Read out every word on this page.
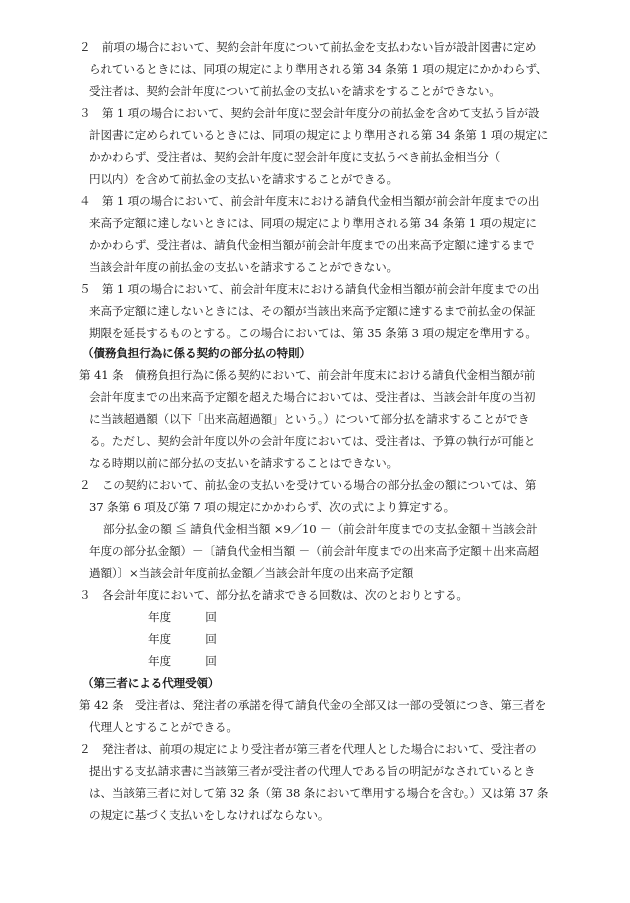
２　前項の場合において、契約会計年度について前払金を支払わない旨が設計図書に定め

られているときには、同項の規定により準用される第 34 条第 1 項の規定にかかわらず、

受注者は、契約会計年度について前払金の支払いを請求をすることができない。

３　第 1 項の場合において、契約会計年度に翌会計年度分の前払金を含めて支払う旨が設

計図書に定められているときには、同項の規定により準用される第 34 条第 1 項の規定に

かかわらず、受注者は、契約会計年度に翌会計年度に支払うべき前払金相当分（

円以内）を含めて前払金の支払いを請求することができる。

４　第 1 項の場合において、前会計年度末における請負代金相当額が前会計年度までの出

来高予定額に達しないときには、同項の規定により準用される第 34 条第 1 項の規定に

かかわらず、受注者は、請負代金相当額が前会計年度までの出来高予定額に達するまで

当該会計年度の前払金の支払いを請求することができない。

５　第 1 項の場合において、前会計年度末における請負代金相当額が前会計年度までの出

来高予定額に達しないときには、その額が当該出来高予定額に達するまで前払金の保証

期限を延長するものとする。この場合においては、第 35 条第 3 項の規定を準用する。

（債務負担行為に係る契約の部分払の特則）

第 41 条　債務負担行為に係る契約において、前会計年度末における請負代金相当額が前

会計年度までの出来高予定額を超えた場合においては、受注者は、当該会計年度の当初

に当該超過額（以下「出来高超過額」という。）について部分払を請求することができ

る。ただし、契約会計年度以外の会計年度においては、受注者は、予算の執行が可能と

なる時期以前に部分払の支払いを請求することはできない。

２　この契約において、前払金の支払いを受けている場合の部分払金の額については、第

37 条第 6 項及び第 7 項の規定にかかわらず、次の式により算定する。

部分払金の額 ≦ 請負代金相当額 ×9／10 －（前会計年度までの支払金額＋当該会計

年度の部分払金額）－〔請負代金相当額 －（前会計年度までの出来高予定額＋出来高超

過額）〕×当該会計年度前払金額／当該会計年度の出来高予定額

３　各会計年度において、部分払を請求できる回数は、次のとおりとする。

年度　　　回

年度　　　回

年度　　　回

（第三者による代理受領）

第 42 条　受注者は、発注者の承諾を得て請負代金の全部又は一部の受領につき、第三者を

代理人とすることができる。

２　発注者は、前項の規定により受注者が第三者を代理人とした場合において、受注者の

提出する支払請求書に当該第三者が受注者の代理人である旨の明記がなされているとき

は、当該第三者に対して第 32 条（第 38 条において準用する場合を含む。）又は第 37 条

の規定に基づく支払いをしなければならない。
